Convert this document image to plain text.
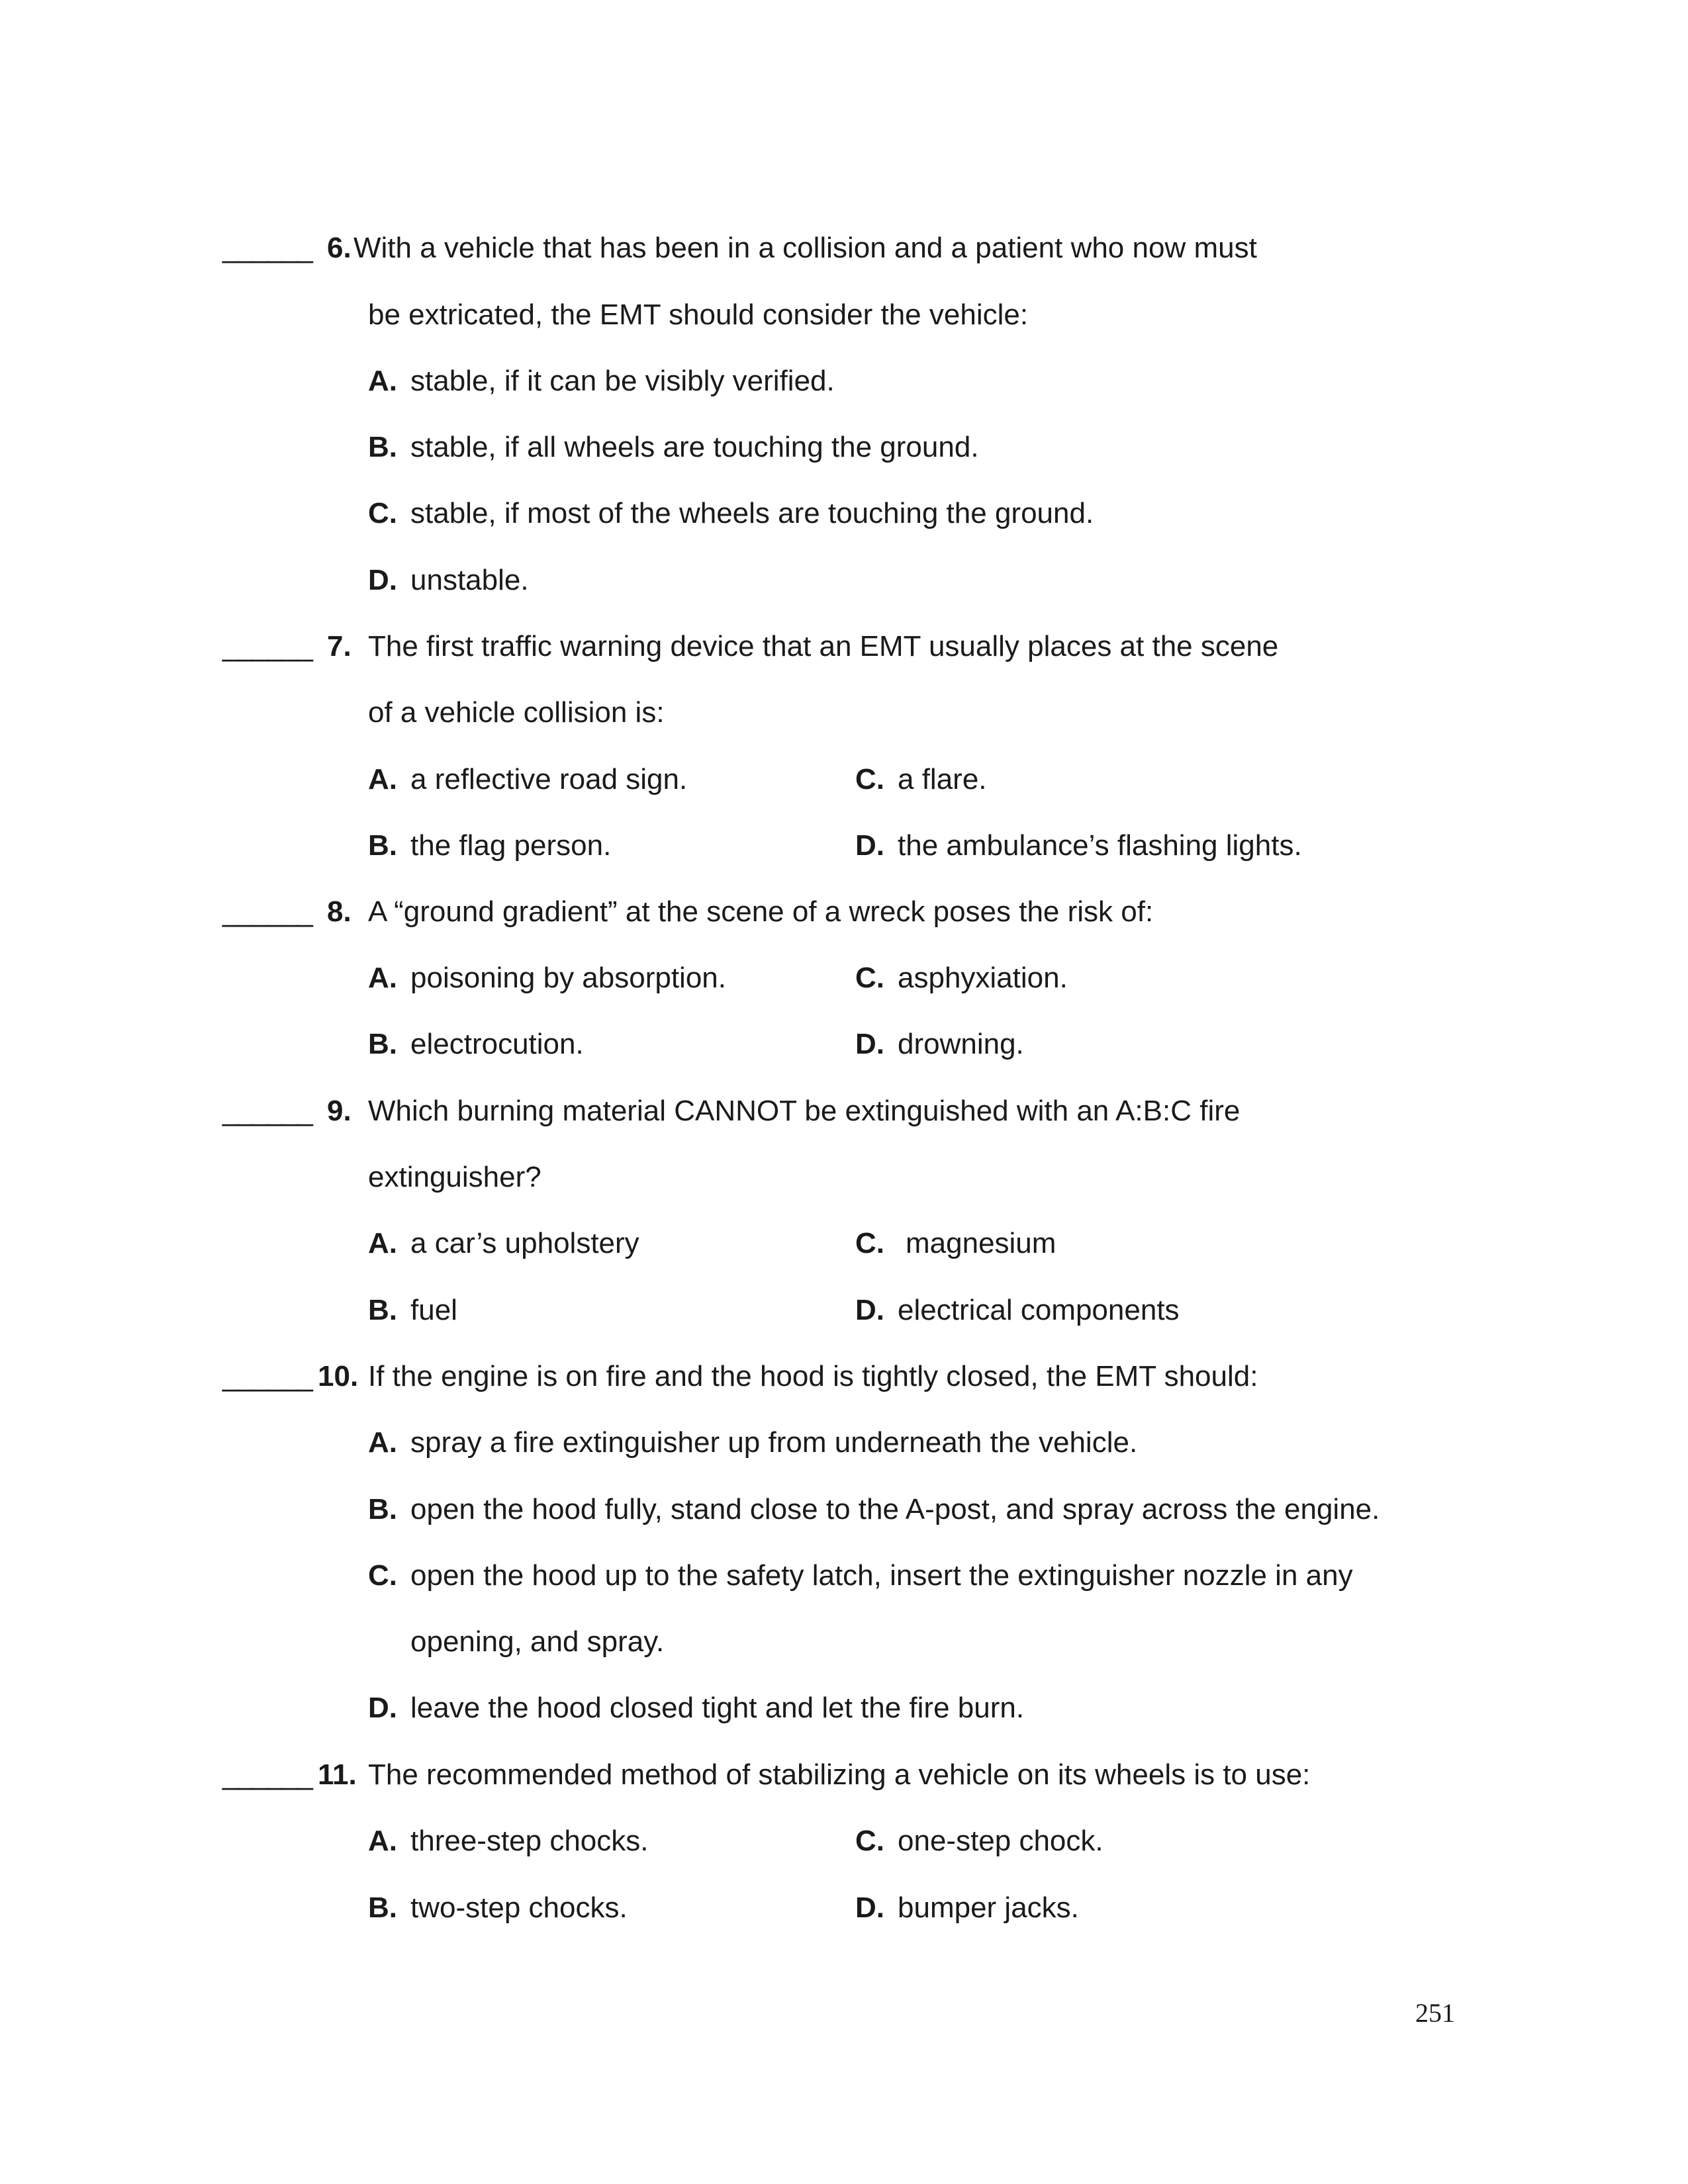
______ 6. With a vehicle that has been in a collision and a patient who now must
be extricated, the EMT should consider the vehicle:
A. stable, if it can be visibly verified.
B. stable, if all wheels are touching the ground.
C. stable, if most of the wheels are touching the ground.
D. unstable.
______ 7. The first traffic warning device that an EMT usually places at the scene
of a vehicle collision is:
A. a reflective road sign.	C. a flare.
B. the flag person.	D. the ambulance’s flashing lights.
______ 8. A “ground gradient” at the scene of a wreck poses the risk of:
A. poisoning by absorption.	C. asphyxiation.
B. electrocution.	D. drowning.
______ 9. Which burning material CANNOT be extinguished with an A:B:C fire
extinguisher?
A. a car’s upholstery	C. magnesium
B. fuel	D. electrical components
______ 10. If the engine is on fire and the hood is tightly closed, the EMT should:
A. spray a fire extinguisher up from underneath the vehicle.
B. open the hood fully, stand close to the A-post, and spray across the engine.
C. open the hood up to the safety latch, insert the extinguisher nozzle in any
opening, and spray.
D. leave the hood closed tight and let the fire burn.
______ 11. The recommended method of stabilizing a vehicle on its wheels is to use:
A. three-step chocks.	C. one-step chock.
B. two-step chocks.	D. bumper jacks.
251
